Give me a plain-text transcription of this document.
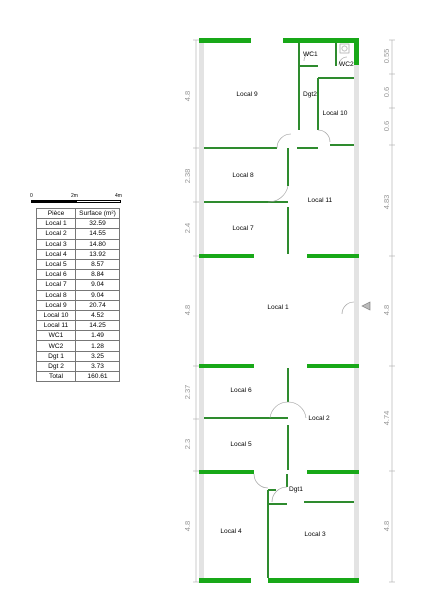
0	2m	4m
Pièce	Surface (m²)
Local 1	32.59
Local 2	14.55
Local 3	14.80
Local 4	13.92
Local 5	8.57
Local 6	8.84
Local 7	9.04
Local 8	9.04
Local 9	20.74
Local 10	4.52
Local 11	14.25
WC1	1.49
WC2	1.28
Dgt 1	3.25
Dgt 2	3.73
Total	160.61
Local 9
WC1
WC2
Dgt2
Local 10
Local 8
Local 11
Local 7
Local 1
Local 6
Local 2
Local 5
Dgt1
Local 4	Local 3
4.8
2.38
2.4
4.8
2.37
2.3
4.8
0.55
0.6
0.6
4.83
4.8
4.74
4.8
